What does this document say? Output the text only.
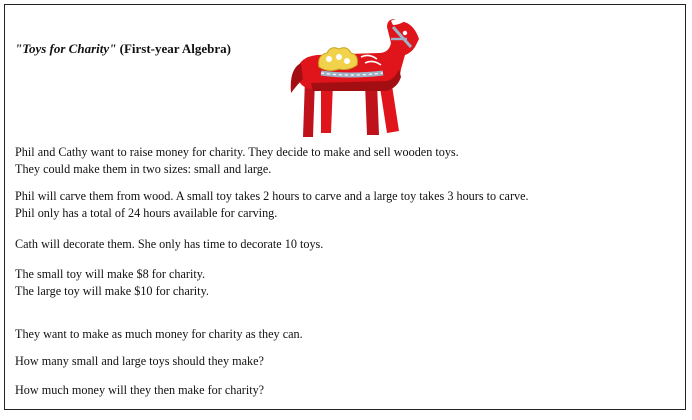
"Toys for Charity" (First-year Algebra)
Phil and Cathy want to raise money for charity. They decide to make and sell wooden toys.
They could make them in two sizes: small and large.
Phil will carve them from wood. A small toy takes 2 hours to carve and a large toy takes 3 hours to carve.
Phil only has a total of 24 hours available for carving.
Cath will decorate them. She only has time to decorate 10 toys.
The small toy will make $8 for charity.
The large toy will make $10 for charity.
They want to make as much money for charity as they can.
How many small and large toys should they make?
How much money will they then make for charity?
